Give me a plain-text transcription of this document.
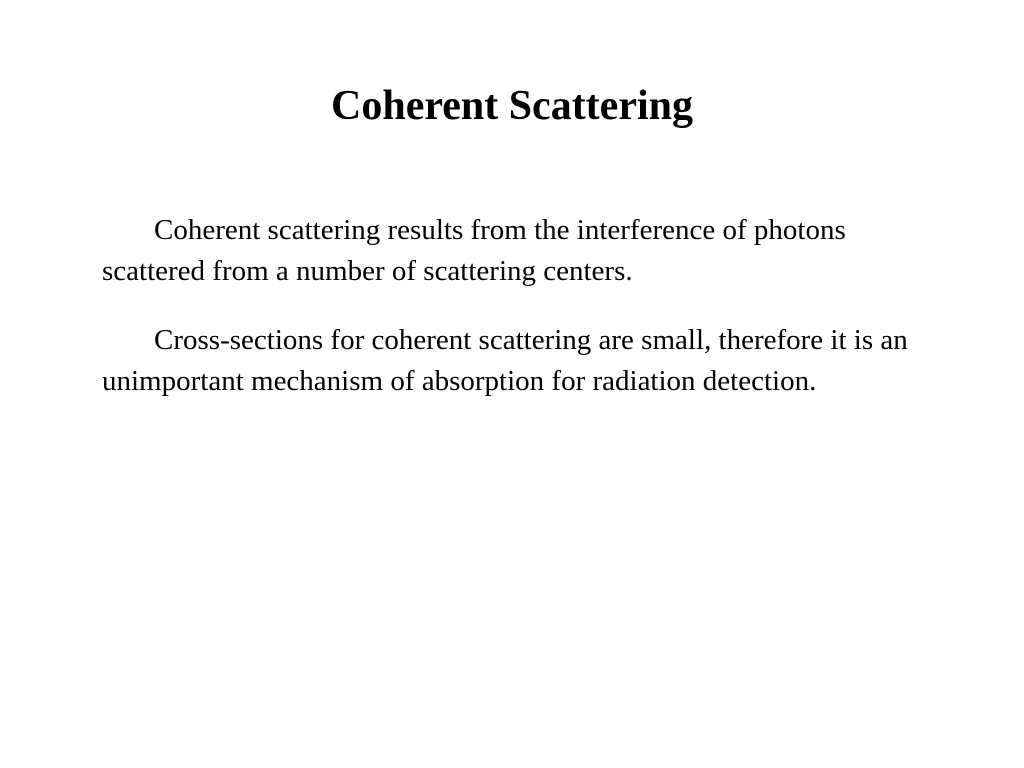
Coherent Scattering

Coherent scattering results from the interference of photons scattered from a number of scattering centers.

Cross-sections for coherent scattering are small, therefore it is an unimportant mechanism of absorption for radiation detection.
